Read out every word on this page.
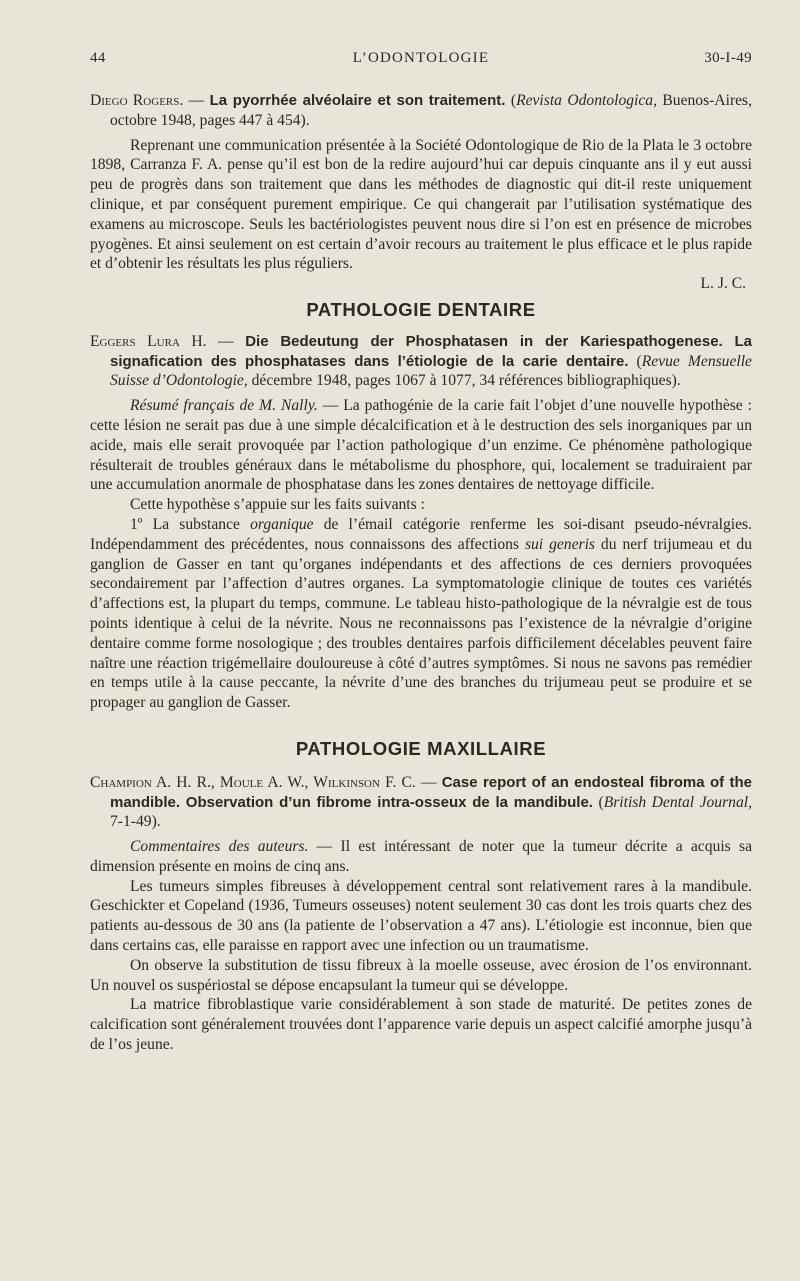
44	L’ODONTOLOGIE	30-I-49

Diego Rogers. — La pyorrhée alvéolaire et son traitement. (Revista Odontologica, Buenos-Aires, octobre 1948, pages 447 à 454).

Reprenant une communication présentée à la Société Odontologique de Rio de la Plata le 3 octobre 1898, Carranza F. A. pense qu’il est bon de la redire aujourd’hui car depuis cinquante ans il y eut aussi peu de progrès dans son traitement que dans les méthodes de diagnostic qui dit-il reste uniquement clinique, et par conséquent purement empirique. Ce qui changerait par l’utilisation systématique des examens au microscope. Seuls les bactériologistes peuvent nous dire si l’on est en présence de microbes pyogènes. Et ainsi seulement on est certain d’avoir recours au traitement le plus efficace et le plus rapide et d’obtenir les résultats les plus réguliers.

L. J. C.

PATHOLOGIE DENTAIRE

Eggers Lura H. — Die Bedeutung der Phosphatasen in der Kariespathogenese. La signafication des phosphatases dans l’étiologie de la carie dentaire. (Revue Mensuelle Suisse d’Odontologie, décembre 1948, pages 1067 à 1077, 34 références bibliographiques).

Résumé français de M. Nally. — La pathogénie de la carie fait l’objet d’une nouvelle hypothèse : cette lésion ne serait pas due à une simple décalcification et à le destruction des sels inorganiques par un acide, mais elle serait provoquée par l’action pathologique d’un enzime. Ce phénomène pathologique résulterait de troubles généraux dans le métabolisme du phosphore, qui, localement se traduiraient par une accumulation anormale de phosphatase dans les zones dentaires de nettoyage difficile.

Cette hypothèse s’appuie sur les faits suivants :

1º La substance organique de l’émail catégorie renferme les soi-disant pseudo-névralgies. Indépendamment des précédentes, nous connaissons des affections sui generis du nerf trijumeau et du ganglion de Gasser en tant qu’organes indépendants et des affections de ces derniers provoquées secondairement par l’affection d’autres organes. La symptomatologie clinique de toutes ces variétés d’affections est, la plupart du temps, commune. Le tableau histo-pathologique de la névralgie est de tous points identique à celui de la névrite. Nous ne reconnaissons pas l’existence de la névralgie d’origine dentaire comme forme nosologique ; des troubles dentaires parfois difficilement décelables peuvent faire naître une réaction trigémellaire douloureuse à côté d’autres symptômes. Si nous ne savons pas remédier en temps utile à la cause peccante, la névrite d’une des branches du trijumeau peut se produire et se propager au ganglion de Gasser.

PATHOLOGIE MAXILLAIRE

Champion A. H. R., Moule A. W., Wilkinson F. C. — Case report of an endosteal fibroma of the mandible. Observation d’un fibrome intra-osseux de la mandibule. (British Dental Journal, 7-1-49).

Commentaires des auteurs. — Il est intéressant de noter que la tumeur décrite a acquis sa dimension présente en moins de cinq ans.

Les tumeurs simples fibreuses à développement central sont relativement rares à la mandibule. Geschickter et Copeland (1936, Tumeurs osseuses) notent seulement 30 cas dont les trois quarts chez des patients au-dessous de 30 ans (la patiente de l’observation a 47 ans). L’étiologie est inconnue, bien que dans certains cas, elle paraisse en rapport avec une infection ou un traumatisme.

On observe la substitution de tissu fibreux à la moelle osseuse, avec érosion de l’os environnant. Un nouvel os suspériostal se dépose encapsulant la tumeur qui se développe.

La matrice fibroblastique varie considérablement à son stade de maturité. De petites zones de calcification sont généralement trouvées dont l’apparence varie depuis un aspect calcifié amorphe jusqu’à de l’os jeune.
